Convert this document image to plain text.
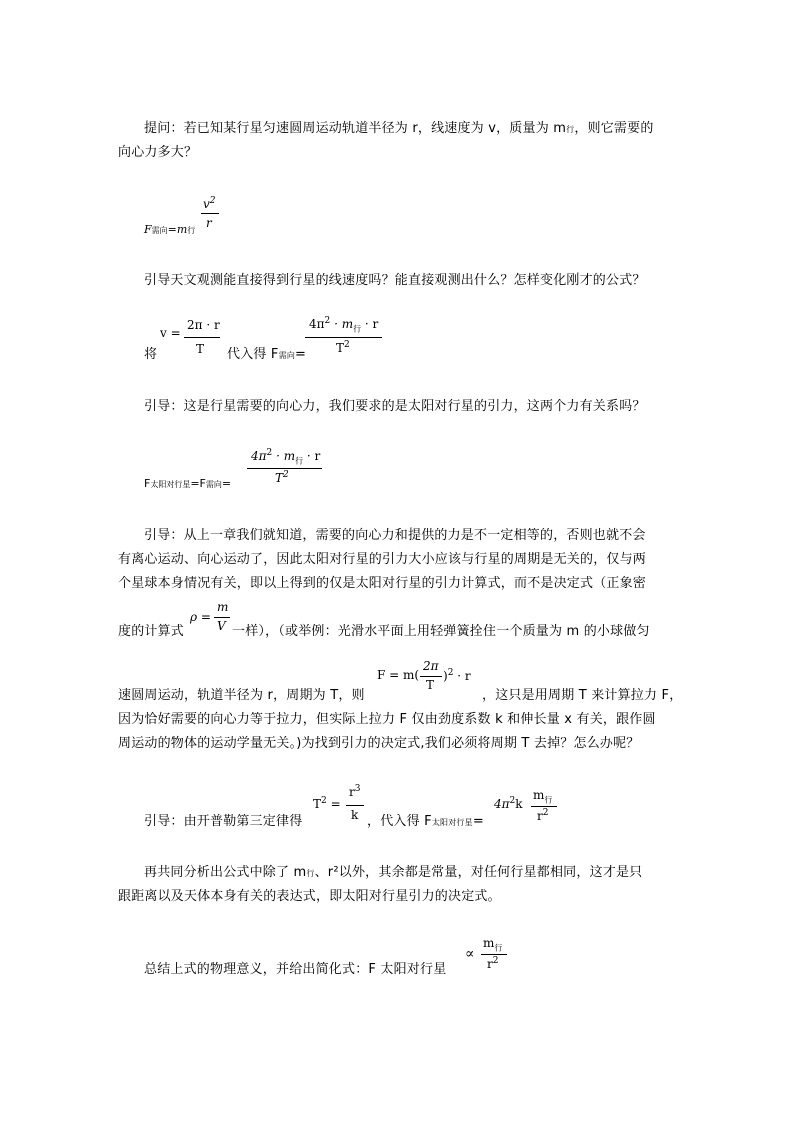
提问：若已知某行星匀速圆周运动轨道半径为 r，线速度为 v，质量为 m行，则它需要的
向心力多大？
$v^2$
r
F需向=m行
引导天文观测能直接得到行星的线速度吗？能直接观测出什么？怎样变化刚才的公式？
v =
2π · r
T
将	代入得 F需向=
$4\pi^2 \cdot m_行 \cdot r$
$T^2$
引导：这是行星需要的向心力，我们要求的是太阳对行星的引力，这两个力有关系吗？
$4\pi^2 \cdot m_行 \cdot r$
$T^2$
F太阳对行星=F需向=
引导：从上一章我们就知道，需要的向心力和提供的力是不一定相等的，否则也就不会
有离心运动、向心运动了，因此太阳对行星的引力大小应该与行星的周期是无关的，仅与两
个星球本身情况有关，即以上得到的仅是太阳对行星的引力计算式，而不是决定式（正象密
ρ =
m
V
度的计算式	一样），（或举例：光滑水平面上用轻弹簧拴住一个质量为 m 的小球做匀
F = m(
2π
T
)$^2$ · r
速圆周运动，轨道半径为 r，周期为 T，则	，这只是用周期 T 来计算拉力 F，
因为恰好需要的向心力等于拉力，但实际上拉力 F 仅由劲度系数 k 和伸长量 x 有关，跟作圆
周运动的物体的运动学量无关。)为找到引力的决定式,我们必须将周期 T 去掉？怎么办呢？
$T^2$ =
$r^3$
k
引导：由开普勒第三定律得	，代入得 F太阳对行星=
$4\pi^2k$
$m_行$
$r^2$
再共同分析出公式中除了 m行、r²以外，其余都是常量，对任何行星都相同，这才是只
跟距离以及天体本身有关的表达式，即太阳对行星引力的决定式。
总结上式的物理意义，并给出简化式：F 太阳对行星
∝
$m_行$
$r^2$
